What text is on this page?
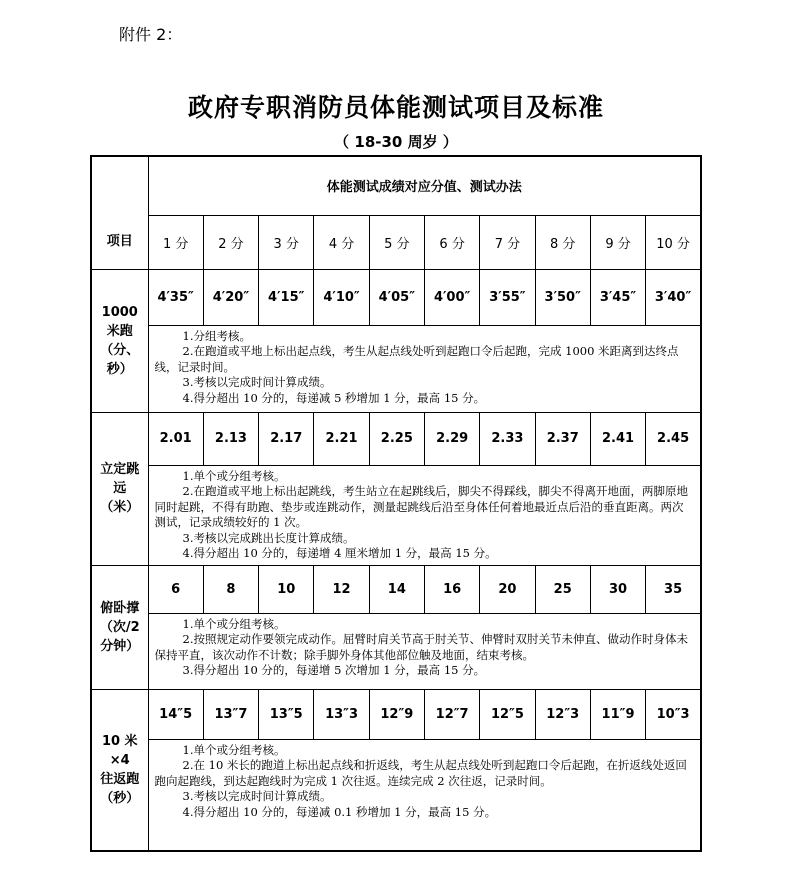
附件 2：
政府专职消防员体能测试项目及标准
（ 18-30 周岁 ）
项目	体能测试成绩对应分值、测试办法									
	1 分	2 分	3 分	4 分	5 分	6 分	7 分	8 分	9 分	10 分

1000
米跑
（分、
秒）	4′35″	4′20″	4′15″	4′10″	4′05″	4′00″	3′55″	3′50″	3′45″	3′40″

	1.分组考核。

2.在跑道或平地上标出起点线，考生从起点线处听到起跑口令后起跑，完成 1000 米距离到达终点线，记录时间。

3.考核以完成时间计算成绩。

4.得分超出 10 分的，每递减 5 秒增加 1 分，最高 15 分。									

立定跳
远
（米）	2.01	2.13	2.17	2.21	2.25	2.29	2.33	2.37	2.41	2.45

	1.单个或分组考核。

2.在跑道或平地上标出起跳线，考生站立在起跳线后，脚尖不得踩线，脚尖不得离开地面，两脚原地同时起跳，不得有助跑、垫步或连跳动作，测量起跳线后沿至身体任何着地最近点后沿的垂直距离。两次测试，记录成绩较好的 1 次。

3.考核以完成跳出长度计算成绩。

4.得分超出 10 分的，每递增 4 厘米增加 1 分，最高 15 分。									

俯卧撑
（次/2
分钟）	6	8	10	12	14	16	20	25	30	35

	1.单个或分组考核。

2.按照规定动作要领完成动作。屈臂时肩关节高于肘关节、伸臂时双肘关节未伸直、做动作时身体未保持平直，该次动作不计数；除手脚外身体其他部位触及地面，结束考核。

3.得分超出 10 分的，每递增 5 次增加 1 分，最高 15 分。									

10 米
×4
往返跑
（秒）	14″5	13″7	13″5	13″3	12″9	12″7	12″5	12″3	11″9	10″3

	1.单个或分组考核。

2.在 10 米长的跑道上标出起点线和折返线，考生从起点线处听到起跑口令后起跑，在折返线处返回跑向起跑线，到达起跑线时为完成 1 次往返。连续完成 2 次往返，记录时间。

3.考核以完成时间计算成绩。

4.得分超出 10 分的，每递减 0.1 秒增加 1 分，最高 15 分。									
